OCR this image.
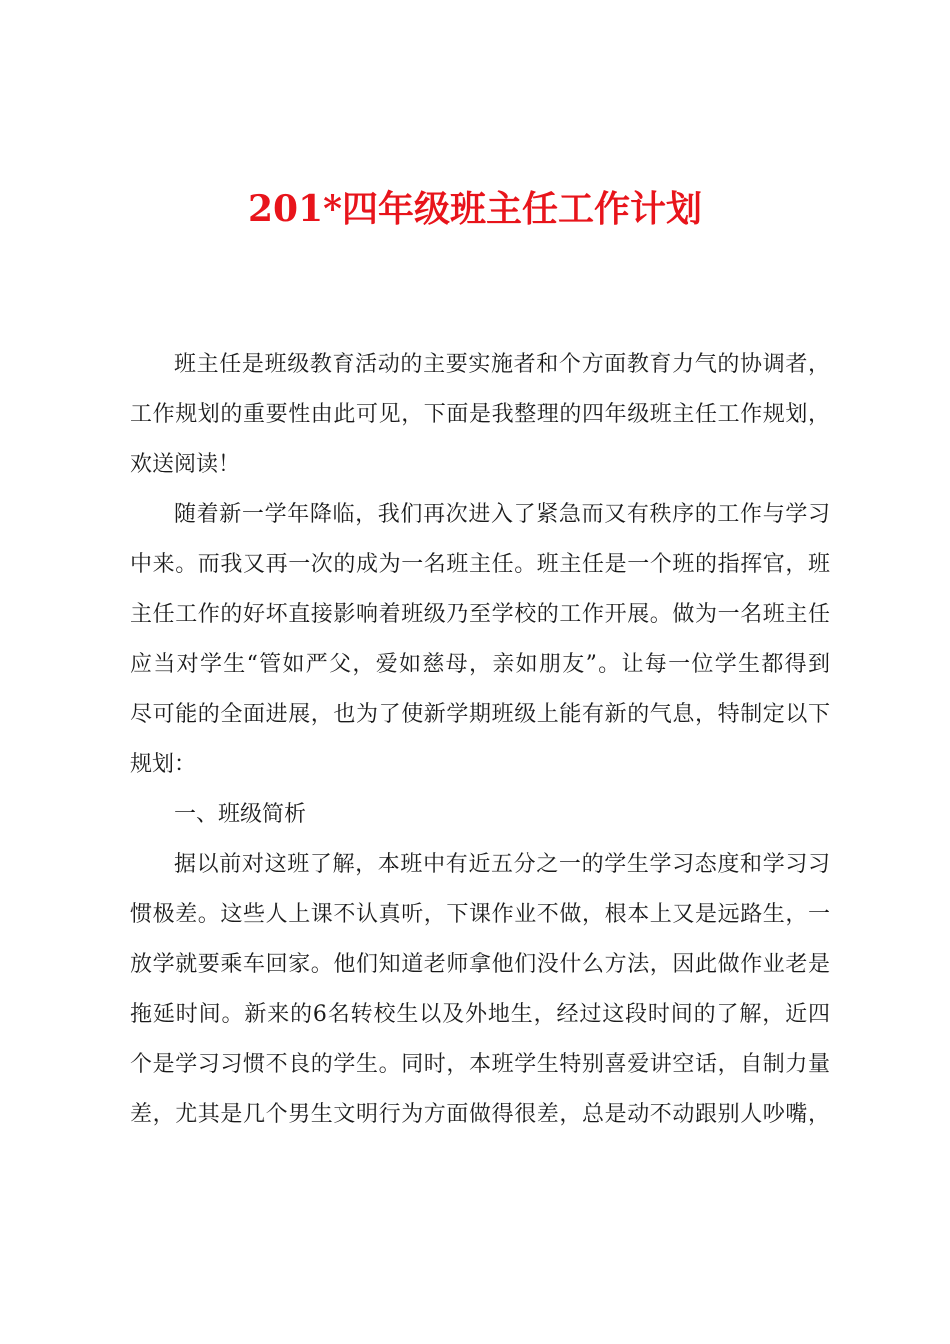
201*四年级班主任工作计划
班主任是班级教育活动的主要实施者和个方面教育力气的协调者，
工作规划的重要性由此可见，下面是我整理的四年级班主任工作规划，
欢送阅读！
随着新一学年降临，我们再次进入了紧急而又有秩序的工作与学习
中来。而我又再一次的成为一名班主任。班主任是一个班的指挥官，班
主任工作的好坏直接影响着班级乃至学校的工作开展。做为一名班主任
应当对学生“管如严父，爱如慈母，亲如朋友”。让每一位学生都得到
尽可能的全面进展，也为了使新学期班级上能有新的气息，特制定以下
规划：
一、班级简析
据以前对这班了解，本班中有近五分之一的学生学习态度和学习习
惯极差。这些人上课不认真听，下课作业不做，根本上又是远路生，一
放学就要乘车回家。他们知道老师拿他们没什么方法，因此做作业老是
拖延时间。新来的6名转校生以及外地生，经过这段时间的了解，近四
个是学习习惯不良的学生。同时，本班学生特别喜爱讲空话，自制力量
差，尤其是几个男生文明行为方面做得很差，总是动不动跟别人吵嘴，
